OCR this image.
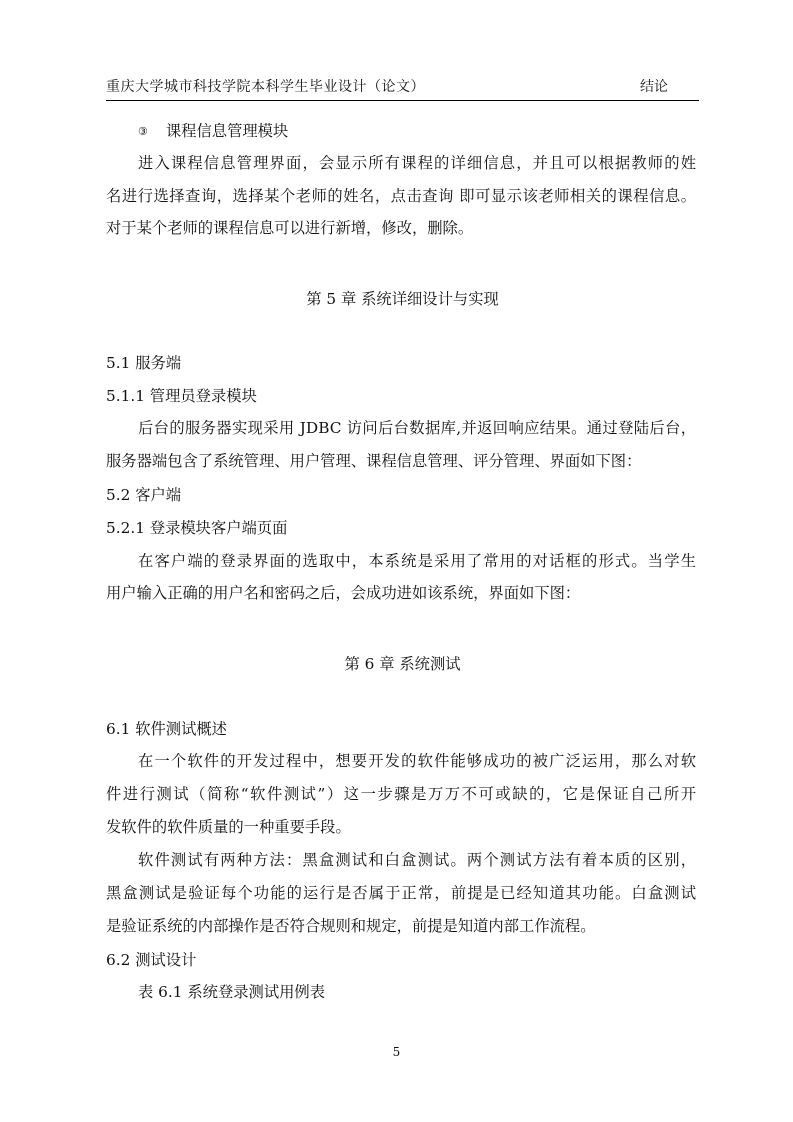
重庆大学城市科技学院本科学生毕业设计（论文）	结论
③ 课程信息管理模块
进入课程信息管理界面，会显示所有课程的详细信息，并且可以根据教师的姓
名进行选择查询，选择某个老师的姓名，点击查询 即可显示该老师相关的课程信息。
对于某个老师的课程信息可以进行新增，修改，删除。
第 5 章 系统详细设计与实现
5.1 服务端
5.1.1 管理员登录模块
后台的服务器实现采用 JDBC 访问后台数据库,并返回响应结果。通过登陆后台，
服务器端包含了系统管理、用户管理、课程信息管理、评分管理、界面如下图：
5.2 客户端
5.2.1 登录模块客户端页面
在客户端的登录界面的选取中，本系统是采用了常用的对话框的形式。当学生
用户输入正确的用户名和密码之后，会成功进如该系统，界面如下图：
第 6 章 系统测试
6.1 软件测试概述
在一个软件的开发过程中，想要开发的软件能够成功的被广泛运用，那么对软
件进行测试（简称“软件测试”）这一步骤是万万不可或缺的，它是保证自己所开
发软件的软件质量的一种重要手段。
软件测试有两种方法：黑盒测试和白盒测试。两个测试方法有着本质的区别，
黑盒测试是验证每个功能的运行是否属于正常，前提是已经知道其功能。白盒测试
是验证系统的内部操作是否符合规则和规定，前提是知道内部工作流程。
6.2 测试设计
表 6.1 系统登录测试用例表
5
